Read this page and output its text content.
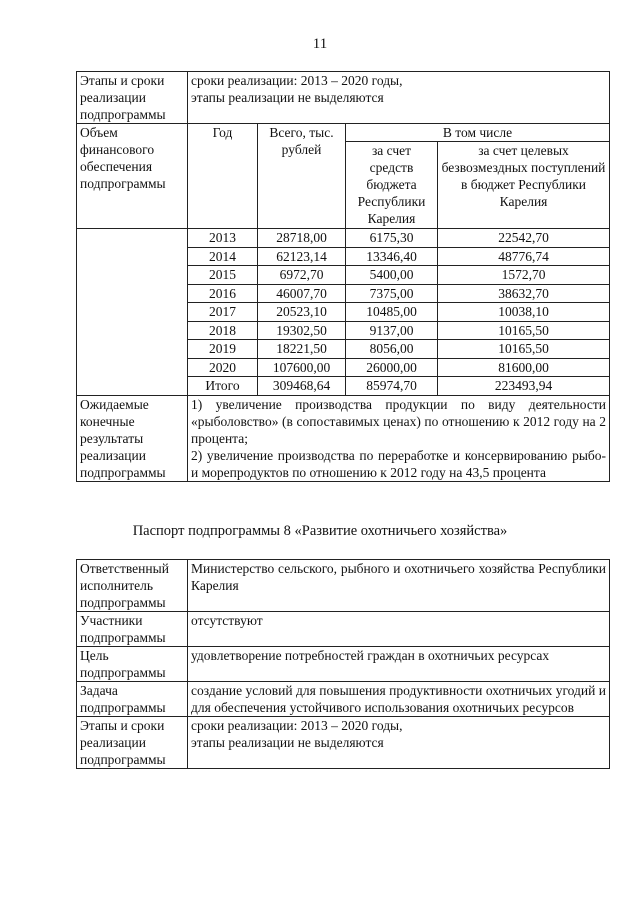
11
Этапы и сроки реализации подпрограммы	сроки реализации: 2013 – 2020 годы,
этапы реализации не выделяются			

Объем финансового обеспечения подпрограммы	Год	Всего, тыс. рублей	В том числе	
			за счет средств бюджета Республики Карелия	за счет целевых безвозмездных поступлений в бюджет Республики Карелия
	2013	28718,00	6175,30	22542,70
	2014	62123,14	13346,40	48776,74
	2015	6972,70	5400,00	1572,70
	2016	46007,70	7375,00	38632,70
	2017	20523,10	10485,00	10038,10
	2018	19302,50	9137,00	10165,50
	2019	18221,50	8056,00	10165,50
	2020	107600,00	26000,00	81600,00
	Итого	309468,64	85974,70	223493,94
Ожидаемые конечные результаты реализации подпрограммы	1) увеличение производства продукции по виду деятельности «рыболовство» (в сопоставимых ценах) по отношению к 2012 году на 2 процента;
2) увеличение производства по переработке и консервированию рыбо- и морепродуктов по отношению к 2012 году на 43,5 процента			
Паспорт подпрограммы 8 «Развитие охотничьего хозяйства»
Ответственный исполнитель подпрограммы	Министерство сельского, рыбного и охотничьего хозяйства Республики Карелия
Участники подпрограммы	отсутствуют
Цель подпрограммы	удовлетворение потребностей граждан в охотничьих ресурсах
Задача подпрограммы	создание условий для повышения продуктивности охотничьих угодий и для обеспечения устойчивого использования охотничьих ресурсов
Этапы и сроки реализации подпрограммы	сроки реализации: 2013 – 2020 годы,
этапы реализации не выделяются
